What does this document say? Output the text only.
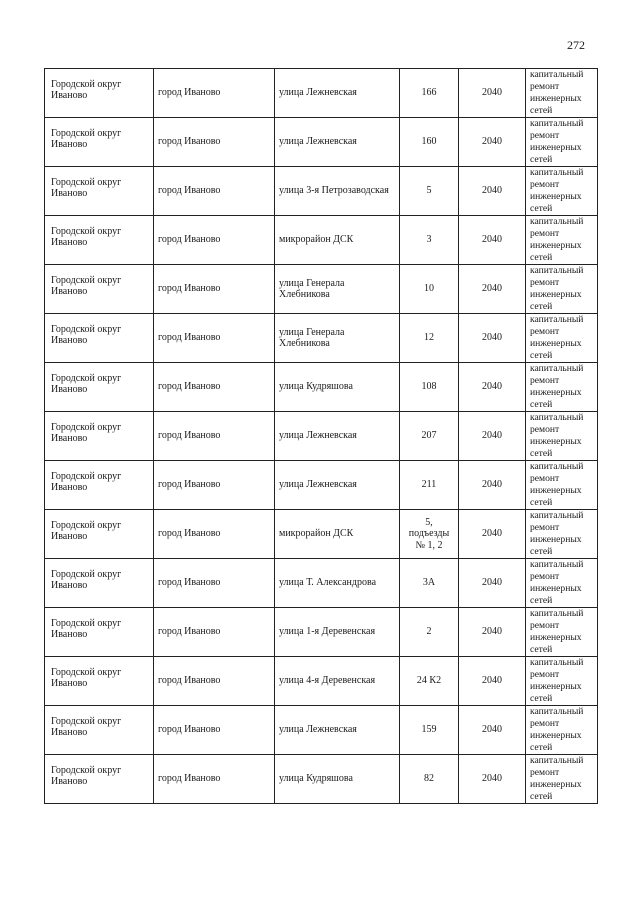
272
Городской округ Иваново	город Иваново	улица Лежневская	166	2040	капитальный ремонт инженерных сетей

Городской округ Иваново	город Иваново	улица Лежневская	160	2040	капитальный ремонт инженерных сетей

Городской округ Иваново	город Иваново	улица 3-я Петрозаводская	5	2040	капитальный ремонт инженерных сетей

Городской округ Иваново	город Иваново	микрорайон ДСК	3	2040	капитальный ремонт инженерных сетей

Городской округ Иваново	город Иваново	улица Генерала Хлебникова	10	2040	капитальный ремонт инженерных сетей

Городской округ Иваново	город Иваново	улица Генерала Хлебникова	12	2040	капитальный ремонт инженерных сетей

Городской округ Иваново	город Иваново	улица Кудряшова	108	2040	капитальный ремонт инженерных сетей

Городской округ Иваново	город Иваново	улица Лежневская	207	2040	капитальный ремонт инженерных сетей

Городской округ Иваново	город Иваново	улица Лежневская	211	2040	капитальный ремонт инженерных сетей

Городской округ Иваново	город Иваново	микрорайон ДСК	5, подъезды № 1, 2	2040	капитальный ремонт инженерных сетей

Городской округ Иваново	город Иваново	улица Т. Александрова	3А	2040	капитальный ремонт инженерных сетей

Городской округ Иваново	город Иваново	улица 1-я Деревенская	2	2040	капитальный ремонт инженерных сетей

Городской округ Иваново	город Иваново	улица 4-я Деревенская	24 К2	2040	капитальный ремонт инженерных сетей

Городской округ Иваново	город Иваново	улица Лежневская	159	2040	капитальный ремонт инженерных сетей

Городской округ Иваново	город Иваново	улица Кудряшова	82	2040	капитальный ремонт инженерных сетей
